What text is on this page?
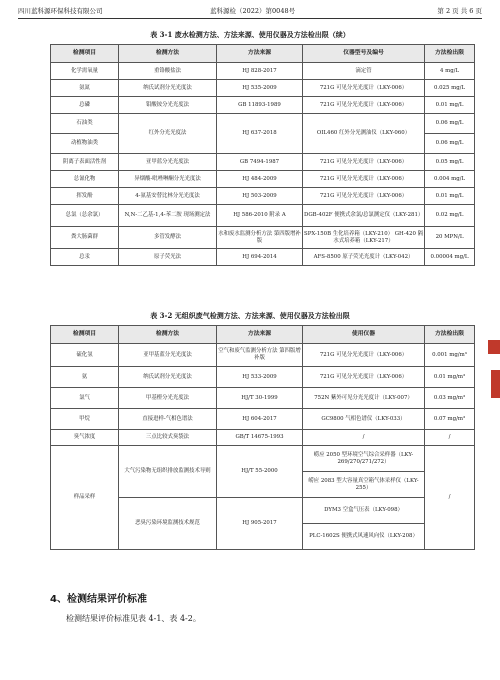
四川蓝科源环保科技有限公司	蓝科源检（2022）第0048号	第 2 页 共 6 页
表 3-1 废水检测方法、方法来源、使用仪器及方法检出限（续）
检测项目	检测方法	方法来源	仪器型号及编号	方法检出限
化学需氧量	重铬酸盐法	HJ 828-2017	滴定管	4 mg/L
氨氮	纳氏试剂分光光度法	HJ 535-2009	721G 可见分光光度计（LKY-006）	0.025 mg/L
总磷	钼酸铵分光光度法	GB 11893-1989	721G 可见分光光度计（LKY-006）	0.01 mg/L
石油类	红外分光光度法	HJ 637-2018	OIL460 红外分光测油仪（LKY-060）	0.06 mg/L
动植物油类				0.06 mg/L
阴离子表面活性剂	亚甲蓝分光光度法	GB 7494-1987	721G 可见分光光度计（LKY-006）	0.05 mg/L
总氰化物	异烟酸-吡唑啉酮分光光度法	HJ 484-2009	721G 可见分光光度计（LKY-006）	0.004 mg/L
挥发酚	4-氨基安替比林分光光度法	HJ 503-2009	721G 可见分光光度计（LKY-006）	0.01 mg/L
总氯（总余氯）	N,N-二乙基-1,4-苯二胺 现场测定法	HJ 586-2010 附录 A	DGB-402F 便携式余氯/总氯测定仪（LKY-281）	0.02 mg/L
粪大肠菌群	多管发酵法	水和废水监测分析方法 第四版增补版	SPX-150B 生化培养箱（LKY-210） GH-420 隔水式培养箱（LKY-217）	20 MPN/L
总汞	原子荧光法	HJ 694-2014	AFS-8500 原子荧光光度计（LKY-042）	0.00004 mg/L
表 3-2 无组织废气检测方法、方法来源、使用仪器及方法检出限
检测项目	检测方法	方法来源	使用仪器	方法检出限
硫化氢	亚甲基蓝分光光度法	空气和废气监测分析方法 第四版增补版	721G 可见分光光度计（LKY-006）	0.001 mg/m³
氨	纳氏试剂分光光度法	HJ 533-2009	721G 可见分光光度计（LKY-006）	0.01 mg/m³
氯气	甲基橙分光光度法	HJ/T 30-1999	752N 紫外可见分光光度计（LKY-007）	0.03 mg/m³
甲烷	直接进样-气相色谱法	HJ 604-2017	GC9800 气相色谱仪（LKY-033）	0.07 mg/m³
臭气浓度	三点比较式臭袋法	GB/T 14675-1993	/	/
样品采样	大气污染物无组织排放监测技术导则	HJ/T 55-2000	崂应 2050 型环境空气综合采样器（LKY-269/270/271/272）	/
			崂应 2083 型大容量真空箱气体采样仪（LKY-255）	
	恶臭污染环境监测技术规范	HJ 905-2017	DYM3 空盒气压表（LKY-098）	
			PLC-1602S 便携式风速风向仪（LKY-208）	
4、检测结果评价标准
检测结果评价标准见表 4-1、表 4-2。
